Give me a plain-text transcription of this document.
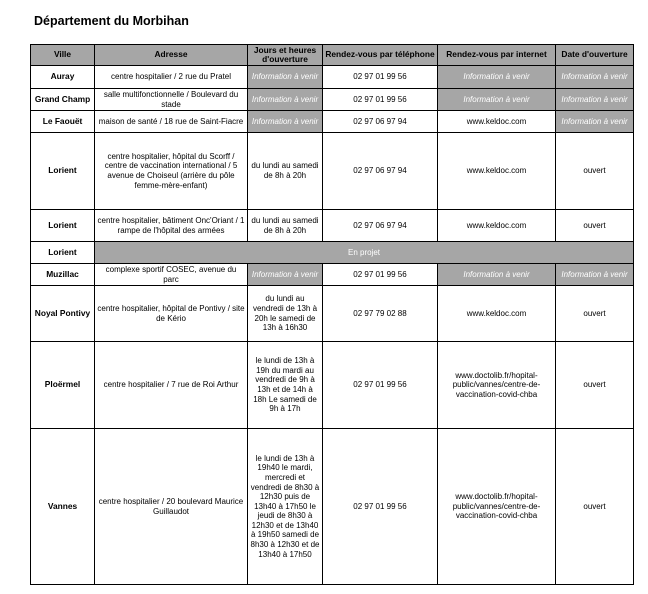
Département du Morbihan
Ville	Adresse	Jours et heures d'ouverture	Rendez-vous par téléphone	Rendez-vous par internet	Date d'ouverture
Auray	centre hospitalier / 2 rue du Pratel	Information à venir	02 97 01 99 56	Information à venir	Information à venir
Grand Champ	salle multifonctionnelle / Boulevard du stade	Information à venir	02 97 01 99 56	Information à venir	Information à venir
Le Faouët	maison de santé / 18 rue de Saint-Fiacre	Information à venir	02 97 06 97 94	www.keldoc.com	Information à venir
Lorient	centre hospitalier, hôpital du Scorff / centre de vaccination international / 5 avenue de Choiseul (arrière du pôle femme-mère-enfant)	du lundi au samedi de 8h à 20h	02 97 06 97 94	www.keldoc.com	ouvert
Lorient	centre hospitalier, bâtiment Onc'Oriant / 1 rampe de l'hôpital des armées	du lundi au samedi de 8h à 20h	02 97 06 97 94	www.keldoc.com	ouvert
Lorient	En projet				
Muzillac	complexe sportif COSEC, avenue du parc	Information à venir	02 97 01 99 56	Information à venir	Information à venir
Noyal Pontivy	centre hospitalier, hôpital de Pontivy / site de Kério	du lundi au vendredi de 13h à 20h le samedi de 13h à 16h30	02 97 79 02 88	www.keldoc.com	ouvert
Ploërmel	centre hospitalier / 7 rue de Roi Arthur	le lundi de 13h à 19h du mardi au vendredi de 9h à 13h et de 14h à 18h Le samedi de 9h à 17h	02 97 01 99 56	www.doctolib.fr/hopital-public/vannes/centre-de-vaccination-covid-chba	ouvert
Vannes	centre hospitalier / 20 boulevard Maurice Guillaudot	le lundi de 13h à 19h40 le mardi, mercredi et vendredi de 8h30 à 12h30 puis de 13h40 à 17h50 le jeudi de 8h30 à 12h30 et de 13h40 à 19h50 samedi de 8h30 à 12h30 et de 13h40 à 17h50	02 97 01 99 56	www.doctolib.fr/hopital-public/vannes/centre-de-vaccination-covid-chba	ouvert
